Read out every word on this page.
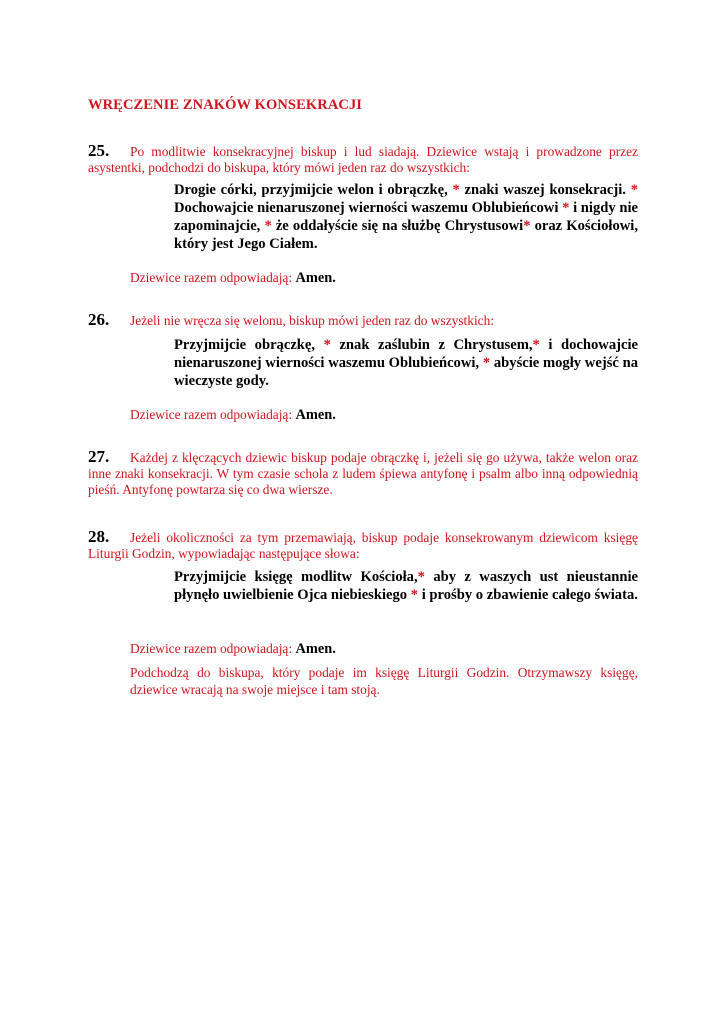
WRĘCZENIE ZNAKÓW KONSEKRACJI

25. Po modlitwie konsekracyjnej biskup i lud siadają. Dziewice wstają i prowadzone przez asystentki, podchodzi do biskupa, który mówi jeden raz do wszystkich:

Drogie córki, przyjmijcie welon i obrączkę, * znaki waszej konsekracji. * Dochowajcie nienaruszonej wierności waszemu Oblubieńcowi * i nigdy nie zapominajcie, * że oddałyście się na służbę Chrystusowi* oraz Kościołowi, który jest Jego Ciałem.

Dziewice razem odpowiadają: Amen.

26. Jeżeli nie wręcza się welonu, biskup mówi jeden raz do wszystkich:

Przyjmijcie obrączkę, * znak zaślubin z Chrystusem,* i dochowajcie nienaruszonej wierności waszemu Oblubieńcowi, * abyście mogły wejść na wieczyste gody.

Dziewice razem odpowiadają: Amen.

27. Każdej z klęczących dziewic biskup podaje obrączkę i, jeżeli się go używa, także welon oraz inne znaki konsekracji. W tym czasie schola z ludem śpiewa antyfonę i psalm albo inną odpowiednią pieśń. Antyfonę powtarza się co dwa wiersze.

28. Jeżeli okoliczności za tym przemawiają, biskup podaje konsekrowanym dziewicom księgę Liturgii Godzin, wypowiadając następujące słowa:

Przyjmijcie księgę modlitw Kościoła,* aby z waszych ust nieustannie płynęło uwielbienie Ojca niebieskiego * i prośby o zbawienie całego świata.

Dziewice razem odpowiadają: Amen.

Podchodzą do biskupa, który podaje im księgę Liturgii Godzin. Otrzymawszy księgę, dziewice wracają na swoje miejsce i tam stoją.
